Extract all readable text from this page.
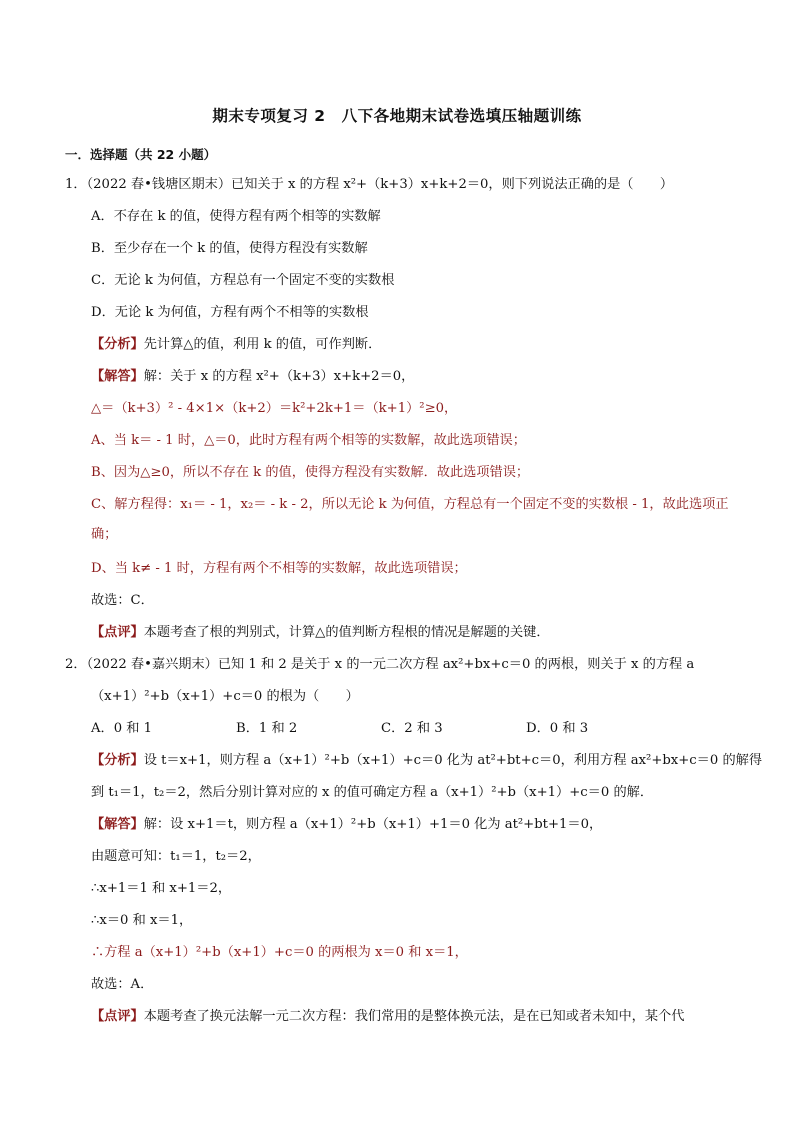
期末专项复习 2　八下各地期末试卷选填压轴题训练
一．选择题（共 22 小题）
1．（2022 春•钱塘区期末）已知关于 x 的方程 x²+（k+3）x+k+2＝0，则下列说法正确的是（　　）
A．不存在 k 的值，使得方程有两个相等的实数解
B．至少存在一个 k 的值，使得方程没有实数解
C．无论 k 为何值，方程总有一个固定不变的实数根
D．无论 k 为何值，方程有两个不相等的实数根
【分析】先计算△的值，利用 k 的值，可作判断．
【解答】解：关于 x 的方程 x²+（k+3）x+k+2＝0，
△＝（k+3）² - 4×1×（k+2）＝k²+2k+1＝（k+1）²≥0，
A、当 k＝ - 1 时，△＝0，此时方程有两个相等的实数解，故此选项错误；
B、因为△≥0，所以不存在 k 的值，使得方程没有实数解．故此选项错误；
C、解方程得：x₁＝ - 1，x₂＝ - k - 2，所以无论 k 为何值，方程总有一个固定不变的实数根 - 1，故此选项正确；
D、当 k≠ - 1 时，方程有两个不相等的实数解，故此选项错误；
故选：C．
【点评】本题考查了根的判别式，计算△的值判断方程根的情况是解题的关键．
2．（2022 春•嘉兴期末）已知 1 和 2 是关于 x 的一元二次方程 ax²+bx+c＝0 的两根，则关于 x 的方程 a
（x+1）²+b（x+1）+c＝0 的根为（　　）
A．0 和 1	B．1 和 2	C．2 和 3	D．0 和 3
【分析】设 t＝x+1，则方程 a（x+1）²+b（x+1）+c＝0 化为 at²+bt+c＝0，利用方程 ax²+bx+c＝0 的解得
到 t₁＝1，t₂＝2，然后分别计算对应的 x 的值可确定方程 a（x+1）²+b（x+1）+c＝0 的解．
【解答】解：设 x+1＝t，则方程 a（x+1）²+b（x+1）+1＝0 化为 at²+bt+1＝0，
由题意可知：t₁＝1，t₂＝2，
∴x+1＝1 和 x+1＝2，
∴x＝0 和 x＝1，
∴方程 a（x+1）²+b（x+1）+c＝0 的两根为 x＝0 和 x＝1，
故选：A．
【点评】本题考查了换元法解一元二次方程：我们常用的是整体换元法，是在已知或者未知中，某个代
